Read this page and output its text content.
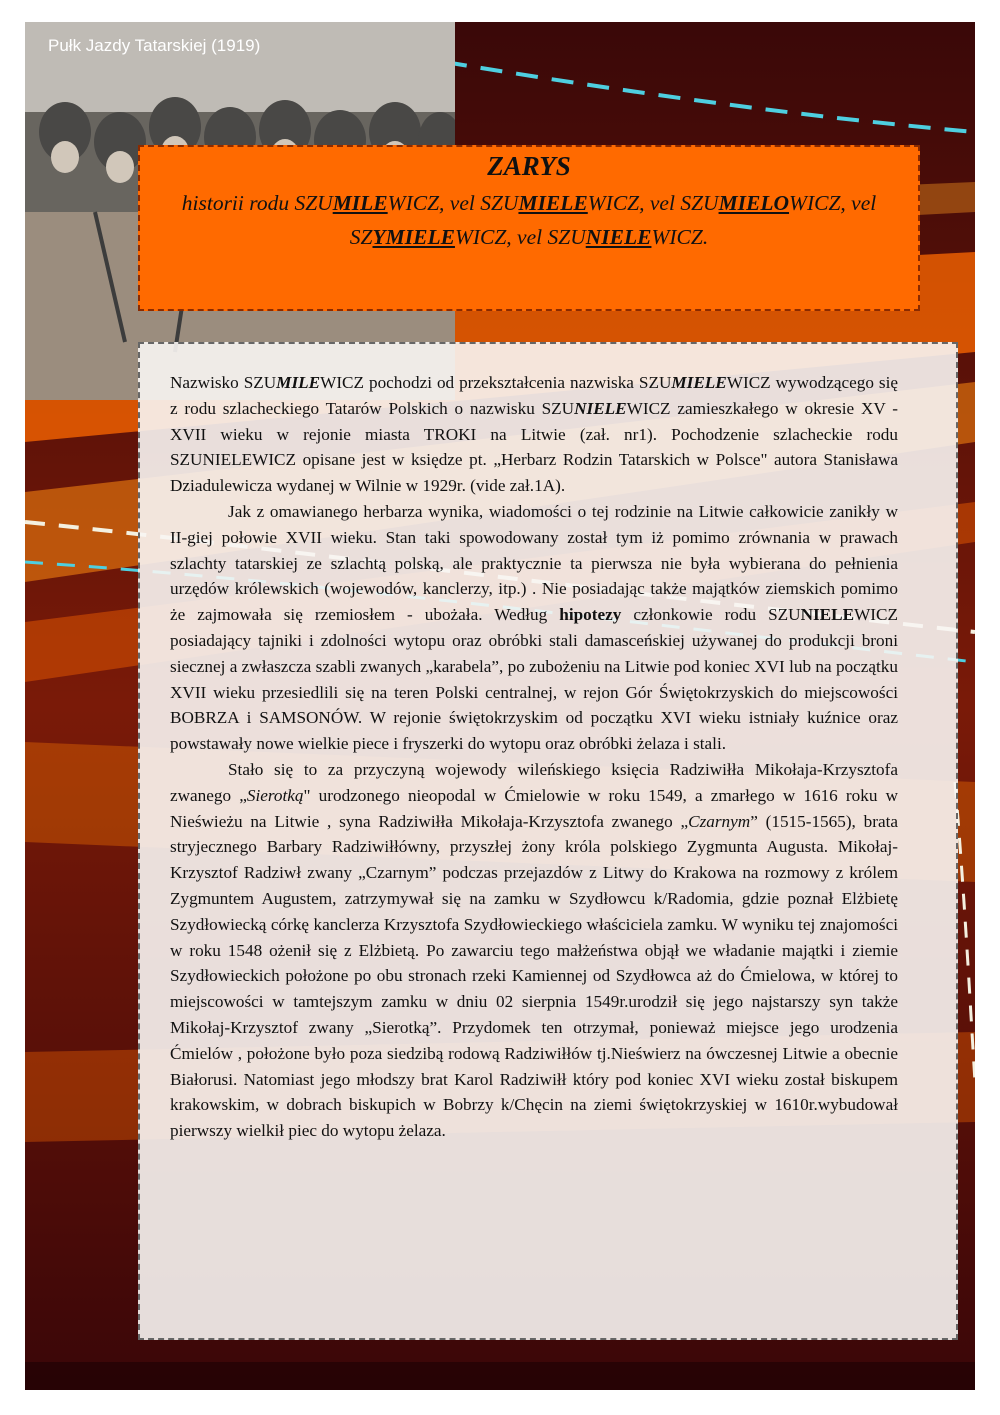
Pułk Jazdy Tatarskiej (1919)
ZARYS

historii rodu SZUMILEWICZ, vel SZUMIELEWICZ, vel SZUMIELOWICZ, vel
SZYMIELEWICZ, vel SZUNIELEWICZ.

Nazwisko SZUMILEWICZ pochodzi od przekształcenia nazwiska SZUMIELEWICZ wywodzącego się z rodu szlacheckiego Tatarów Polskich o nazwisku SZUNIELEWICZ zamieszkałego w okresie XV - XVII wieku w rejonie miasta TROKI na Litwie (zał. nr1). Pochodzenie szlacheckie rodu SZUNIELEWICZ opisane jest w księdze pt. „Herbarz Rodzin Tatarskich w Polsce" autora Stanisława Dziadulewicza wydanej w Wilnie w 1929r. (vide zał.1A).

Jak z omawianego herbarza wynika, wiadomości o tej rodzinie na Litwie całkowicie zanikły w II-giej połowie XVII wieku. Stan taki spowodowany został tym iż pomimo zrównania w prawach szlachty tatarskiej ze szlachtą polską, ale praktycznie ta pierwsza nie była wybierana do pełnienia urzędów królewskich (wojewodów, kanclerzy, itp.) . Nie posiadając także majątków ziemskich pomimo że zajmowała się rzemiosłem - ubożała. Według hipotezy członkowie rodu SZUNIELEWICZ posiadający tajniki i zdolności wytopu oraz obróbki stali damasceńskiej używanej do produkcji broni siecznej a zwłaszcza szabli zwanych „karabela”, po zubożeniu na Litwie pod koniec XVI lub na początku XVII wieku przesiedlili się na teren Polski centralnej, w rejon Gór Świętokrzyskich do miejscowości BOBRZA i SAMSONÓW. W rejonie świętokrzyskim od początku XVI wieku istniały kuźnice oraz powstawały nowe wielkie piece i fryszerki do wytopu oraz obróbki żelaza i stali.

Stało się to za przyczyną wojewody wileńskiego księcia Radziwiłła Mikołaja-Krzysztofa zwanego „Sierotką" urodzonego nieopodal w Ćmielowie w roku 1549, a zmarłego w 1616 roku w Nieświeżu na Litwie , syna Radziwiłła Mikołaja-Krzysztofa zwanego „Czarnym” (1515-1565), brata stryjecznego Barbary Radziwiłłówny, przyszłej żony króla polskiego Zygmunta Augusta. Mikołaj-Krzysztof Radziwł zwany „Czarnym” podczas przejazdów z Litwy do Krakowa na rozmowy z królem Zygmuntem Augustem, zatrzymywał się na zamku w Szydłowcu k/Radomia, gdzie poznał Elżbietę Szydłowiecką córkę kanclerza Krzysztofa Szydłowieckiego właściciela zamku. W wyniku tej znajomości w roku 1548 ożenił się z Elżbietą. Po zawarciu tego małżeństwa objął we władanie majątki i ziemie Szydłowieckich położone po obu stronach rzeki Kamiennej od Szydłowca aż do Ćmielowa, w której to miejscowości w tamtejszym zamku w dniu 02 sierpnia 1549r.urodził się jego najstarszy syn także Mikołaj-Krzysztof zwany „Sierotką”. Przydomek ten otrzymał, ponieważ miejsce jego urodzenia Ćmielów , położone było poza siedzibą rodową Radziwiłłów tj.Nieświerz na ówczesnej Litwie a obecnie Białorusi. Natomiast jego młodszy brat Karol Radziwiłł który pod koniec XVI wieku został biskupem krakowskim, w dobrach biskupich w Bobrzy k/Chęcin na ziemi świętokrzyskiej w 1610r.wybudował pierwszy wielkił piec do wytopu żelaza.
